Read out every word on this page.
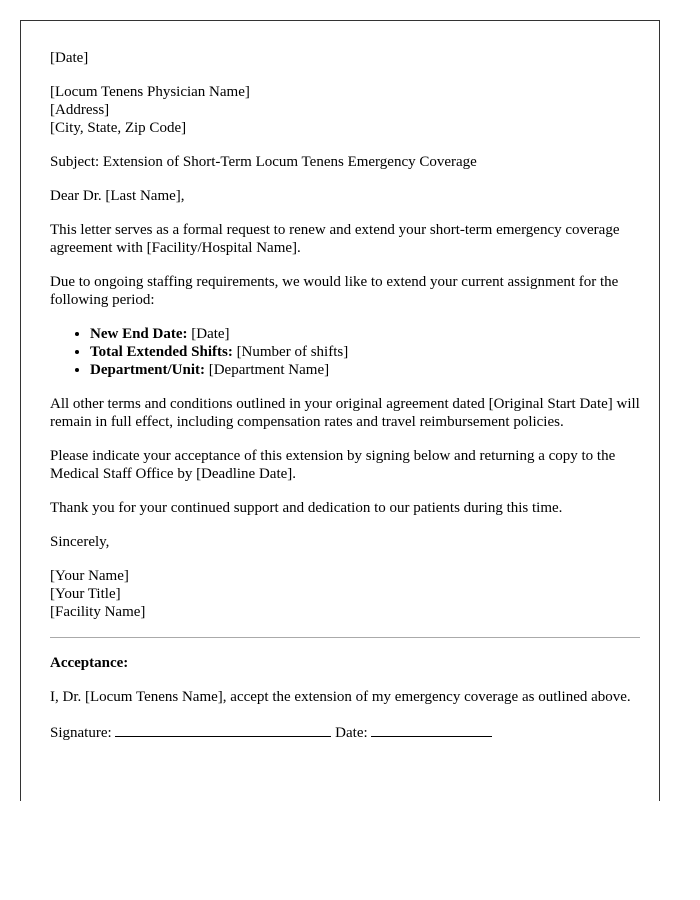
[Date]

[Locum Tenens Physician Name]

[Address]

[City, State, Zip Code]

Subject: Extension of Short-Term Locum Tenens Emergency Coverage

Dear Dr. [Last Name],

This letter serves as a formal request to renew and extend your short-term emergency coverage agreement with [Facility/Hospital Name].

Due to ongoing staffing requirements, we would like to extend your current assignment for the following period:

• New End Date: [Date]
• Total Extended Shifts: [Number of shifts]
• Department/Unit: [Department Name]

All other terms and conditions outlined in your original agreement dated [Original Start Date] will remain in full effect, including compensation rates and travel reimbursement policies.

Please indicate your acceptance of this extension by signing below and returning a copy to the Medical Staff Office by [Deadline Date].

Thank you for your continued support and dedication to our patients during this time.

Sincerely,

[Your Name]

[Your Title]

[Facility Name]

Acceptance:

I, Dr. [Locum Tenens Name], accept the extension of my emergency coverage as outlined above.

Signature:	Date:
